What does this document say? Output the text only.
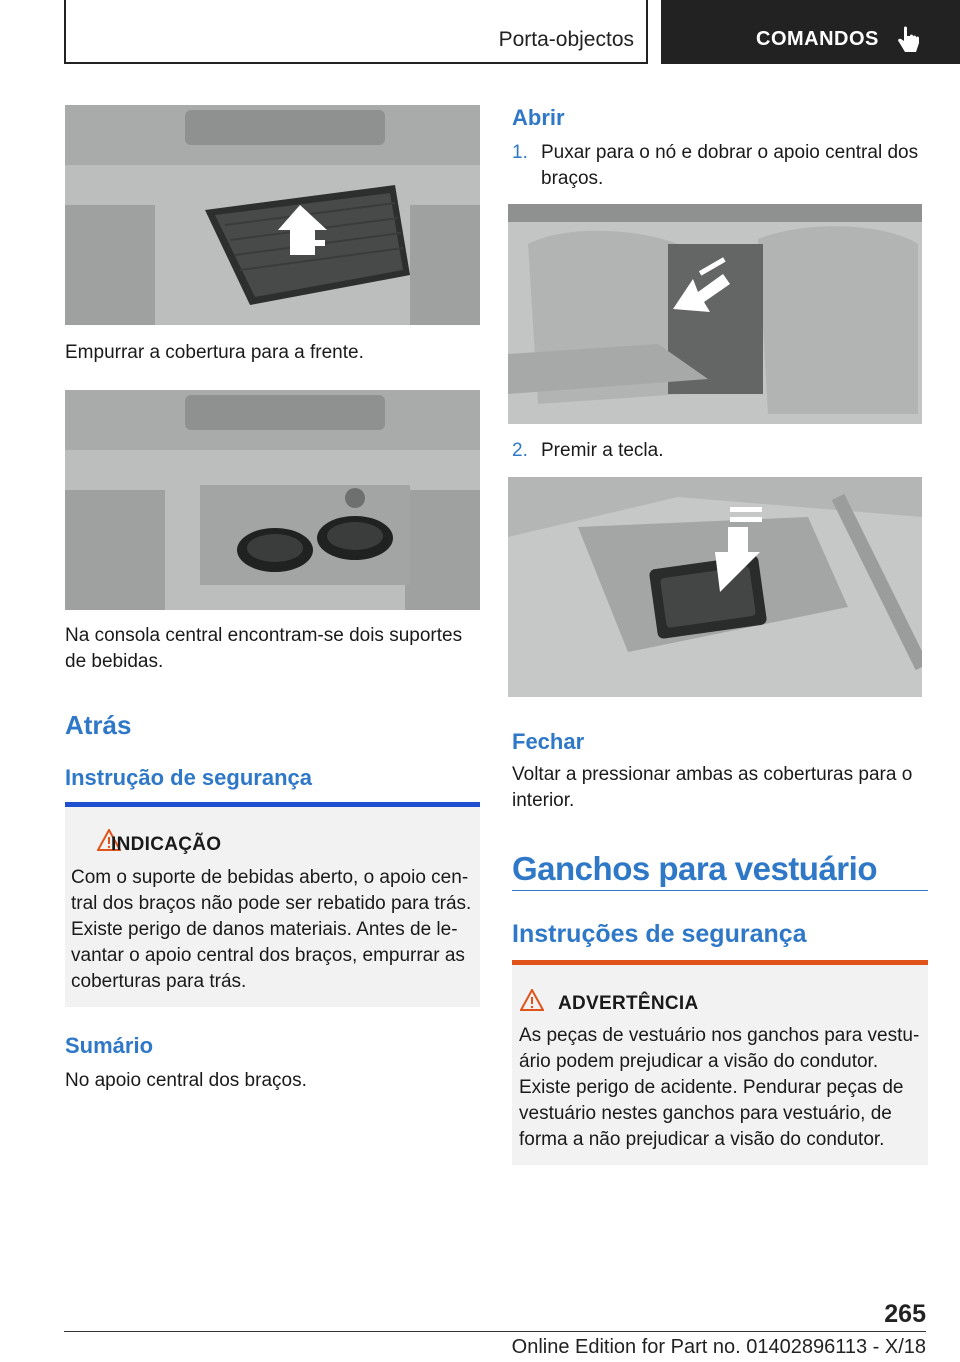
Porta-objectos	COMANDOS
Empurrar a cobertura para a frente.
Na consola central encontram-se dois suportes de bebidas.
Atrás
Instrução de segurança
INDICAÇÃO
Com o suporte de bebidas aberto, o apoio cen‐ tral dos braços não pode ser rebatido para trás. Existe perigo de danos materiais. Antes de le‐ vantar o apoio central dos braços, empurrar as coberturas para trás.
Sumário
No apoio central dos braços.
Abrir
1. Puxar para o nó e dobrar o apoio central dos braços.
2. Premir a tecla.
Fechar
Voltar a pressionar ambas as coberturas para o interior.
Ganchos para vestuário
Instruções de segurança
ADVERTÊNCIA
As peças de vestuário nos ganchos para vestu‐ ário podem prejudicar a visão do condutor. Existe perigo de acidente. Pendurar peças de vestuário nestes ganchos para vestuário, de forma a não prejudicar a visão do condutor.
265
Online Edition for Part no. 01402896113 - X/18
